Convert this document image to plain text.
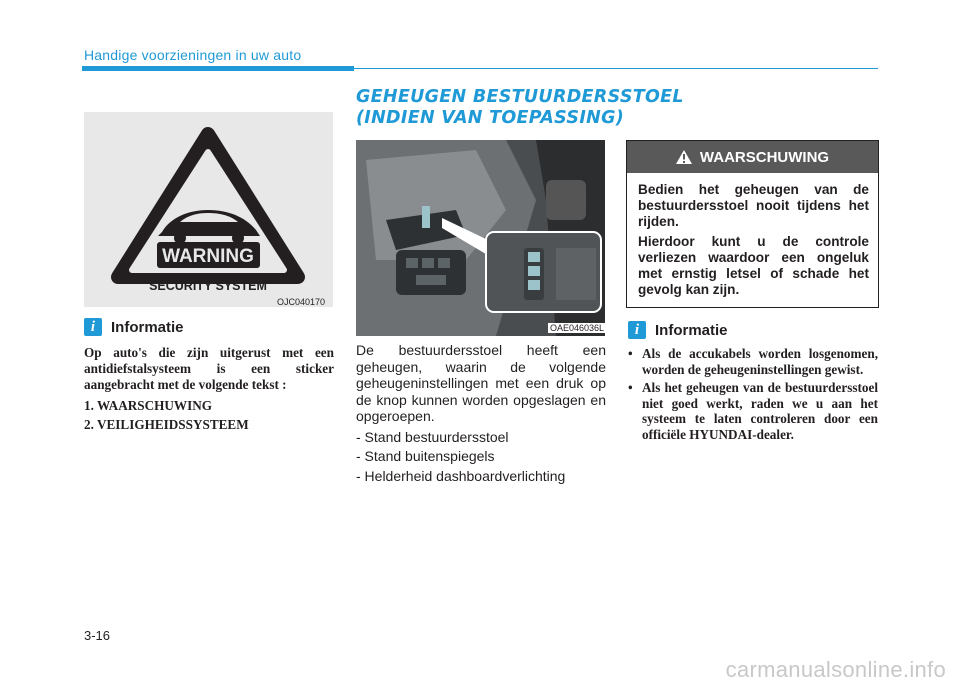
Handige voorzieningen in uw auto
WARNING
SECURITY SYSTEM
OJC040170
i	Informatie

Op auto's die zijn uitgerust met een antidiefstalsysteem is een sticker aangebracht met de volgende tekst :

1. WAARSCHUWING

2. VEILIGHEIDSSYSTEEM

GEHEUGEN BESTUURDERSSTOEL
(INDIEN VAN TOEPASSING)
OAE046036L

De bestuurdersstoel heeft een geheugen, waarin de volgende geheugeninstellingen met een druk op de knop kunnen worden opgeslagen en opgeroepen.

- Stand bestuurdersstoel

- Stand buitenspiegels

- Helderheid dashboardverlichting

WAARSCHUWING

Bedien het geheugen van de bestuurdersstoel nooit tijdens het rijden.

Hierdoor kunt u de controle verliezen waardoor een ongeluk met ernstig letsel of schade het gevolg kan zijn.

i	Informatie
• Als de accukabels worden losgenomen, worden de geheugeninstellingen gewist.
• Als het geheugen van de bestuurdersstoel niet goed werkt, raden we u aan het systeem te laten controleren door een officiële HYUNDAI-dealer.
3-16
carmanualsonline.info
